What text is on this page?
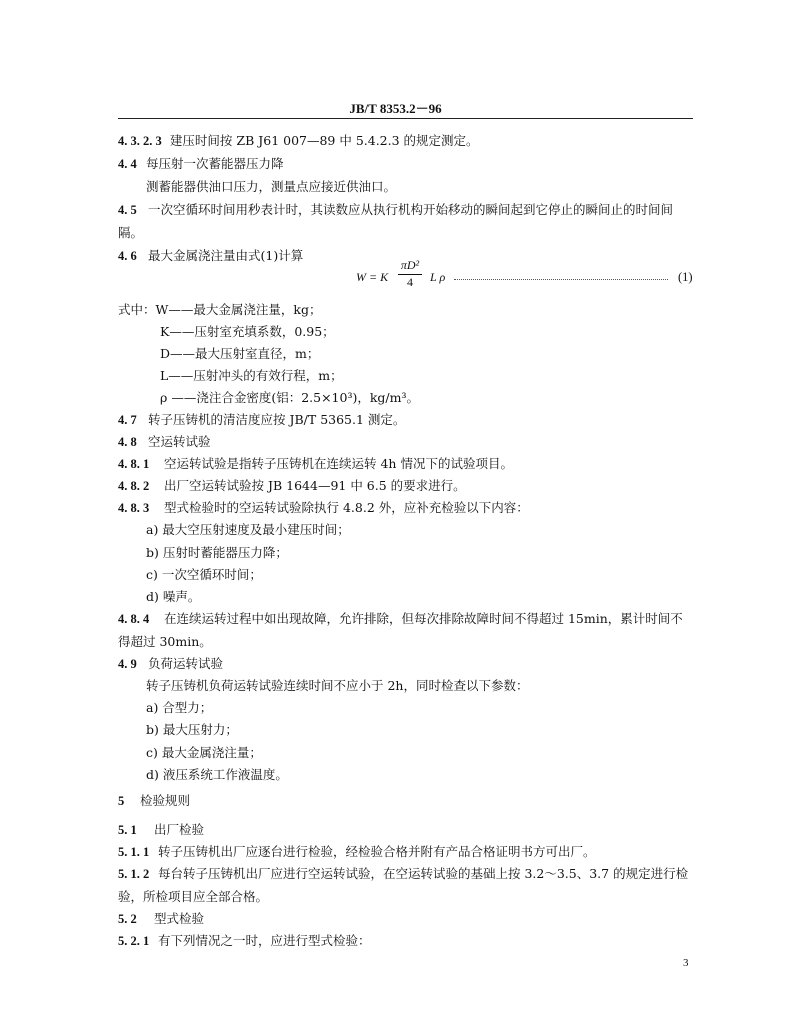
JB/T 8353.2－96
4. 3. 2. 3 建压时间按 ZB J61 007—89 中 5.4.2.3 的规定测定。
4. 4 每压射一次蓄能器压力降
测蓄能器供油口压力，测量点应接近供油口。
4. 5 一次空循环时间用秒表计时，其读数应从执行机构开始移动的瞬间起到它停止的瞬间止的时间间
隔。
4. 6 最大金属浇注量由式(1)计算
W = K $\frac{\text{πD²}}{4}$ L ρ	(1)
式中：W——最大金属浇注量，kg；
K——压射室充填系数，0.95；
D——最大压射室直径，m；
L——压射冲头的有效行程，m；
ρ ——浇注合金密度(铝：2.5×10³)，kg/m³。
4. 7 转子压铸机的清洁度应按 JB/T 5365.1 测定。
4. 8 空运转试验
4. 8. 1 空运转试验是指转子压铸机在连续运转 4h 情况下的试验项目。
4. 8. 2 出厂空运转试验按 JB 1644—91 中 6.5 的要求进行。
4. 8. 3 型式检验时的空运转试验除执行 4.8.2 外，应补充检验以下内容：
a) 最大空压射速度及最小建压时间；
b) 压射时蓄能器压力降；
c) 一次空循环时间；
d) 噪声。
4. 8. 4 在连续运转过程中如出现故障，允许排除，但每次排除故障时间不得超过 15min，累计时间不
得超过 30min。
4. 9 负荷运转试验
转子压铸机负荷运转试验连续时间不应小于 2h，同时检查以下参数：
a) 合型力；
b) 最大压射力；
c) 最大金属浇注量；
d) 液压系统工作液温度。
5 检验规则
5. 1 出厂检验
5. 1. 1 转子压铸机出厂应逐台进行检验，经检验合格并附有产品合格证明书方可出厂。
5. 1. 2 每台转子压铸机出厂应进行空运转试验，在空运转试验的基础上按 3.2～3.5、3.7 的规定进行检
验，所检项目应全部合格。
5. 2 型式检验
5. 2. 1 有下列情况之一时，应进行型式检验：
3
